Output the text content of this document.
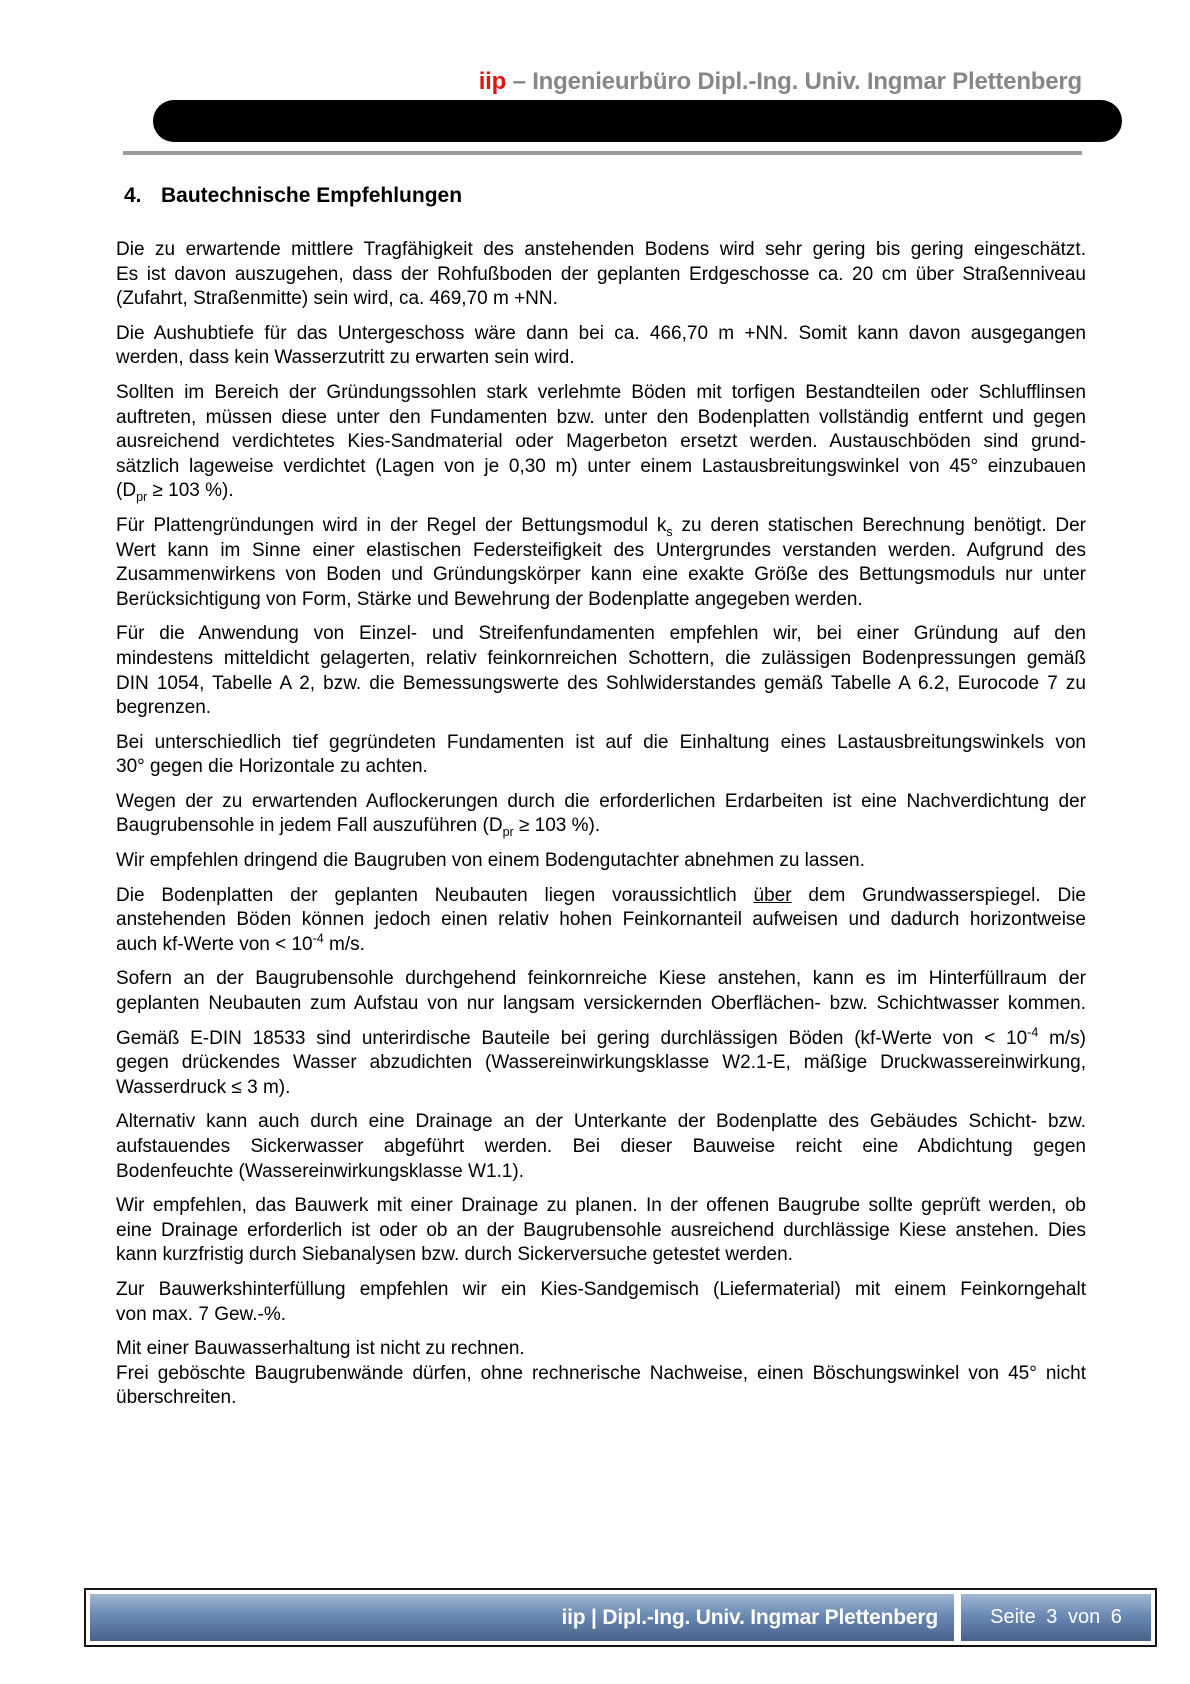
iip – Ingenieurbüro Dipl.-Ing. Univ. Ingmar Plettenberg
4. Bautechnische Empfehlungen
Die zu erwartende mittlere Tragfähigkeit des anstehenden Bodens wird sehr gering bis gering eingeschätzt.
Es ist davon auszugehen, dass der Rohfußboden der geplanten Erdgeschosse ca. 20 cm über Straßenniveau
(Zufahrt, Straßenmitte) sein wird, ca. 469,70 m +NN.
Die Aushubtiefe für das Untergeschoss wäre dann bei ca. 466,70 m +NN. Somit kann davon ausgegangen
werden, dass kein Wasserzutritt zu erwarten sein wird.
Sollten im Bereich der Gründungssohlen stark verlehmte Böden mit torfigen Bestandteilen oder Schlufflinsen
auftreten, müssen diese unter den Fundamenten bzw. unter den Bodenplatten vollständig entfernt und gegen
ausreichend verdichtetes Kies-Sandmaterial oder Magerbeton ersetzt werden. Austauschböden sind grund-
sätzlich lageweise verdichtet (Lagen von je 0,30 m) unter einem Lastausbreitungswinkel von 45° einzubauen
($D_{pr} \ge 103$ %).
Für Plattengründungen wird in der Regel der Bettungsmodul $k_s$ zu deren statischen Berechnung benötigt. Der
Wert kann im Sinne einer elastischen Federsteifigkeit des Untergrundes verstanden werden. Aufgrund des
Zusammenwirkens von Boden und Gründungskörper kann eine exakte Größe des Bettungsmoduls nur unter
Berücksichtigung von Form, Stärke und Bewehrung der Bodenplatte angegeben werden.
Für die Anwendung von Einzel- und Streifenfundamenten empfehlen wir, bei einer Gründung auf den
mindestens mitteldicht gelagerten, relativ feinkornreichen Schottern, die zulässigen Bodenpressungen gemäß
DIN 1054, Tabelle A 2, bzw. die Bemessungswerte des Sohlwiderstandes gemäß Tabelle A 6.2, Eurocode 7 zu
begrenzen.
Bei unterschiedlich tief gegründeten Fundamenten ist auf die Einhaltung eines Lastausbreitungswinkels von
30° gegen die Horizontale zu achten.
Wegen der zu erwartenden Auflockerungen durch die erforderlichen Erdarbeiten ist eine Nachverdichtung der
Baugrubensohle in jedem Fall auszuführen ($D_{pr} \ge 103$ %).
Wir empfehlen dringend die Baugruben von einem Bodengutachter abnehmen zu lassen.
Die Bodenplatten der geplanten Neubauten liegen voraussichtlich über dem Grundwasserspiegel. Die
anstehenden Böden können jedoch einen relativ hohen Feinkornanteil aufweisen und dadurch horizontweise
auch kf-Werte von < $10^{-4}$ m/s.
Sofern an der Baugrubensohle durchgehend feinkornreiche Kiese anstehen, kann es im Hinterfüllraum der
geplanten Neubauten zum Aufstau von nur langsam versickernden Oberflächen- bzw. Schichtwasser kommen.
Gemäß E-DIN 18533 sind unterirdische Bauteile bei gering durchlässigen Böden (kf-Werte von < $10^{-4}$ m/s)
gegen drückendes Wasser abzudichten (Wassereinwirkungsklasse W2.1-E, mäßige Druckwassereinwirkung,
Wasserdruck ≤ 3 m).
Alternativ kann auch durch eine Drainage an der Unterkante der Bodenplatte des Gebäudes Schicht- bzw.
aufstauendes Sickerwasser abgeführt werden. Bei dieser Bauweise reicht eine Abdichtung gegen
Bodenfeuchte (Wassereinwirkungsklasse W1.1).
Wir empfehlen, das Bauwerk mit einer Drainage zu planen. In der offenen Baugrube sollte geprüft werden, ob
eine Drainage erforderlich ist oder ob an der Baugrubensohle ausreichend durchlässige Kiese anstehen. Dies
kann kurzfristig durch Siebanalysen bzw. durch Sickerversuche getestet werden.
Zur Bauwerkshinterfüllung empfehlen wir ein Kies-Sandgemisch (Liefermaterial) mit einem Feinkorngehalt
von max. 7 Gew.-%.
Mit einer Bauwasserhaltung ist nicht zu rechnen.
Frei geböschte Baugrubenwände dürfen, ohne rechnerische Nachweise, einen Böschungswinkel von 45° nicht
überschreiten.
iip | Dipl.-Ing. Univ. Ingmar Plettenberg	Seite 3 von 6
